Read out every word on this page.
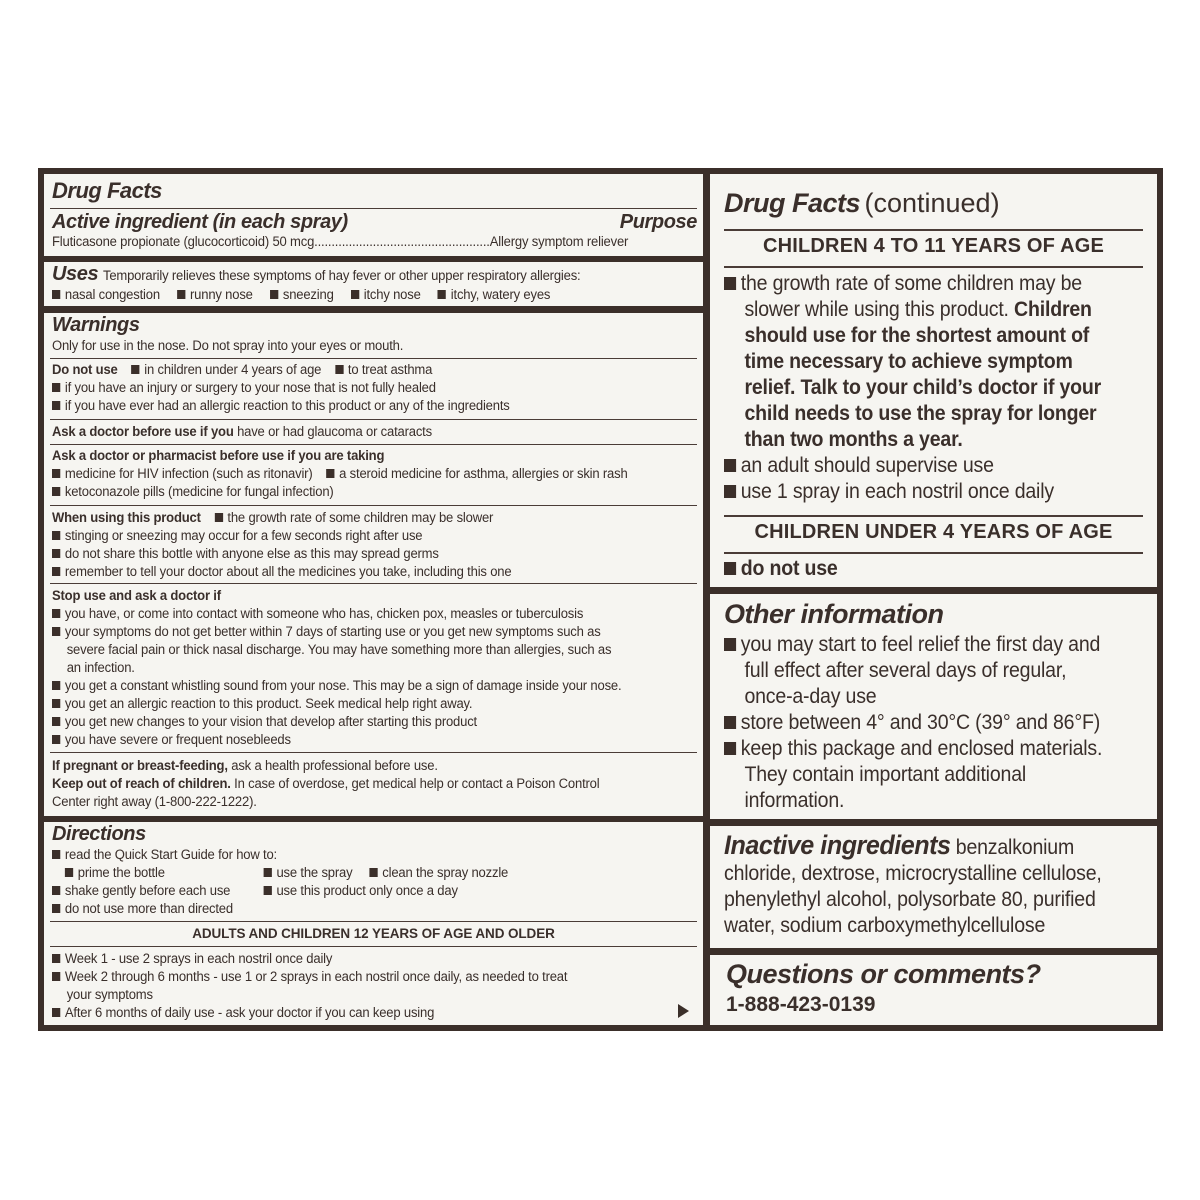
Drug Facts
Active ingredient (in each spray)	Purpose
Fluticasone propionate (glucocorticoid) 50 mcg...................................................Allergy symptom reliever
Uses Temporarily relieves these symptoms of hay fever or other upper respiratory allergies:
nasal congestion runny nose sneezing itchy nose itchy, watery eyes
Warnings
Only for use in the nose. Do not spray into your eyes or mouth.
Do not use in children under 4 years of age to treat asthma
if you have an injury or surgery to your nose that is not fully healed
if you have ever had an allergic reaction to this product or any of the ingredients
Ask a doctor before use if you have or had glaucoma or cataracts
Ask a doctor or pharmacist before use if you are taking
medicine for HIV infection (such as ritonavir) a steroid medicine for asthma, allergies or skin rash
ketoconazole pills (medicine for fungal infection)
When using this product the growth rate of some children may be slower
stinging or sneezing may occur for a few seconds right after use
do not share this bottle with anyone else as this may spread germs
remember to tell your doctor about all the medicines you take, including this one
Stop use and ask a doctor if
you have, or come into contact with someone who has, chicken pox, measles or tuberculosis
your symptoms do not get better within 7 days of starting use or you get new symptoms such as
severe facial pain or thick nasal discharge. You may have something more than allergies, such as
an infection.
you get a constant whistling sound from your nose. This may be a sign of damage inside your nose.
you get an allergic reaction to this product. Seek medical help right away.
you get new changes to your vision that develop after starting this product
you have severe or frequent nosebleeds
If pregnant or breast-feeding, ask a health professional before use.
Keep out of reach of children. In case of overdose, get medical help or contact a Poison Control
Center right away (1-800-222-1222).
Directions
read the Quick Start Guide for how to:
prime the bottle	use the spray	clean the spray nozzle
shake gently before each use	use this product only once a day
do not use more than directed
ADULTS AND CHILDREN 12 YEARS OF AGE AND OLDER
Week 1 - use 2 sprays in each nostril once daily
Week 2 through 6 months - use 1 or 2 sprays in each nostril once daily, as needed to treat
your symptoms
After 6 months of daily use - ask your doctor if you can keep using
Drug Facts (continued)
CHILDREN 4 TO 11 YEARS OF AGE
the growth rate of some children may be
slower while using this product. Children
should use for the shortest amount of
time necessary to achieve symptom
relief. Talk to your child’s doctor if your
child needs to use the spray for longer
than two months a year.
an adult should supervise use
use 1 spray in each nostril once daily
CHILDREN UNDER 4 YEARS OF AGE
do not use
Other information
you may start to feel relief the first day and
full effect after several days of regular,
once-a-day use
store between 4° and 30°C (39° and 86°F)
keep this package and enclosed materials.
They contain important additional
information.
Inactive ingredients benzalkonium
chloride, dextrose, microcrystalline cellulose,
phenylethyl alcohol, polysorbate 80, purified
water, sodium carboxymethylcellulose
Questions or comments?
1-888-423-0139
